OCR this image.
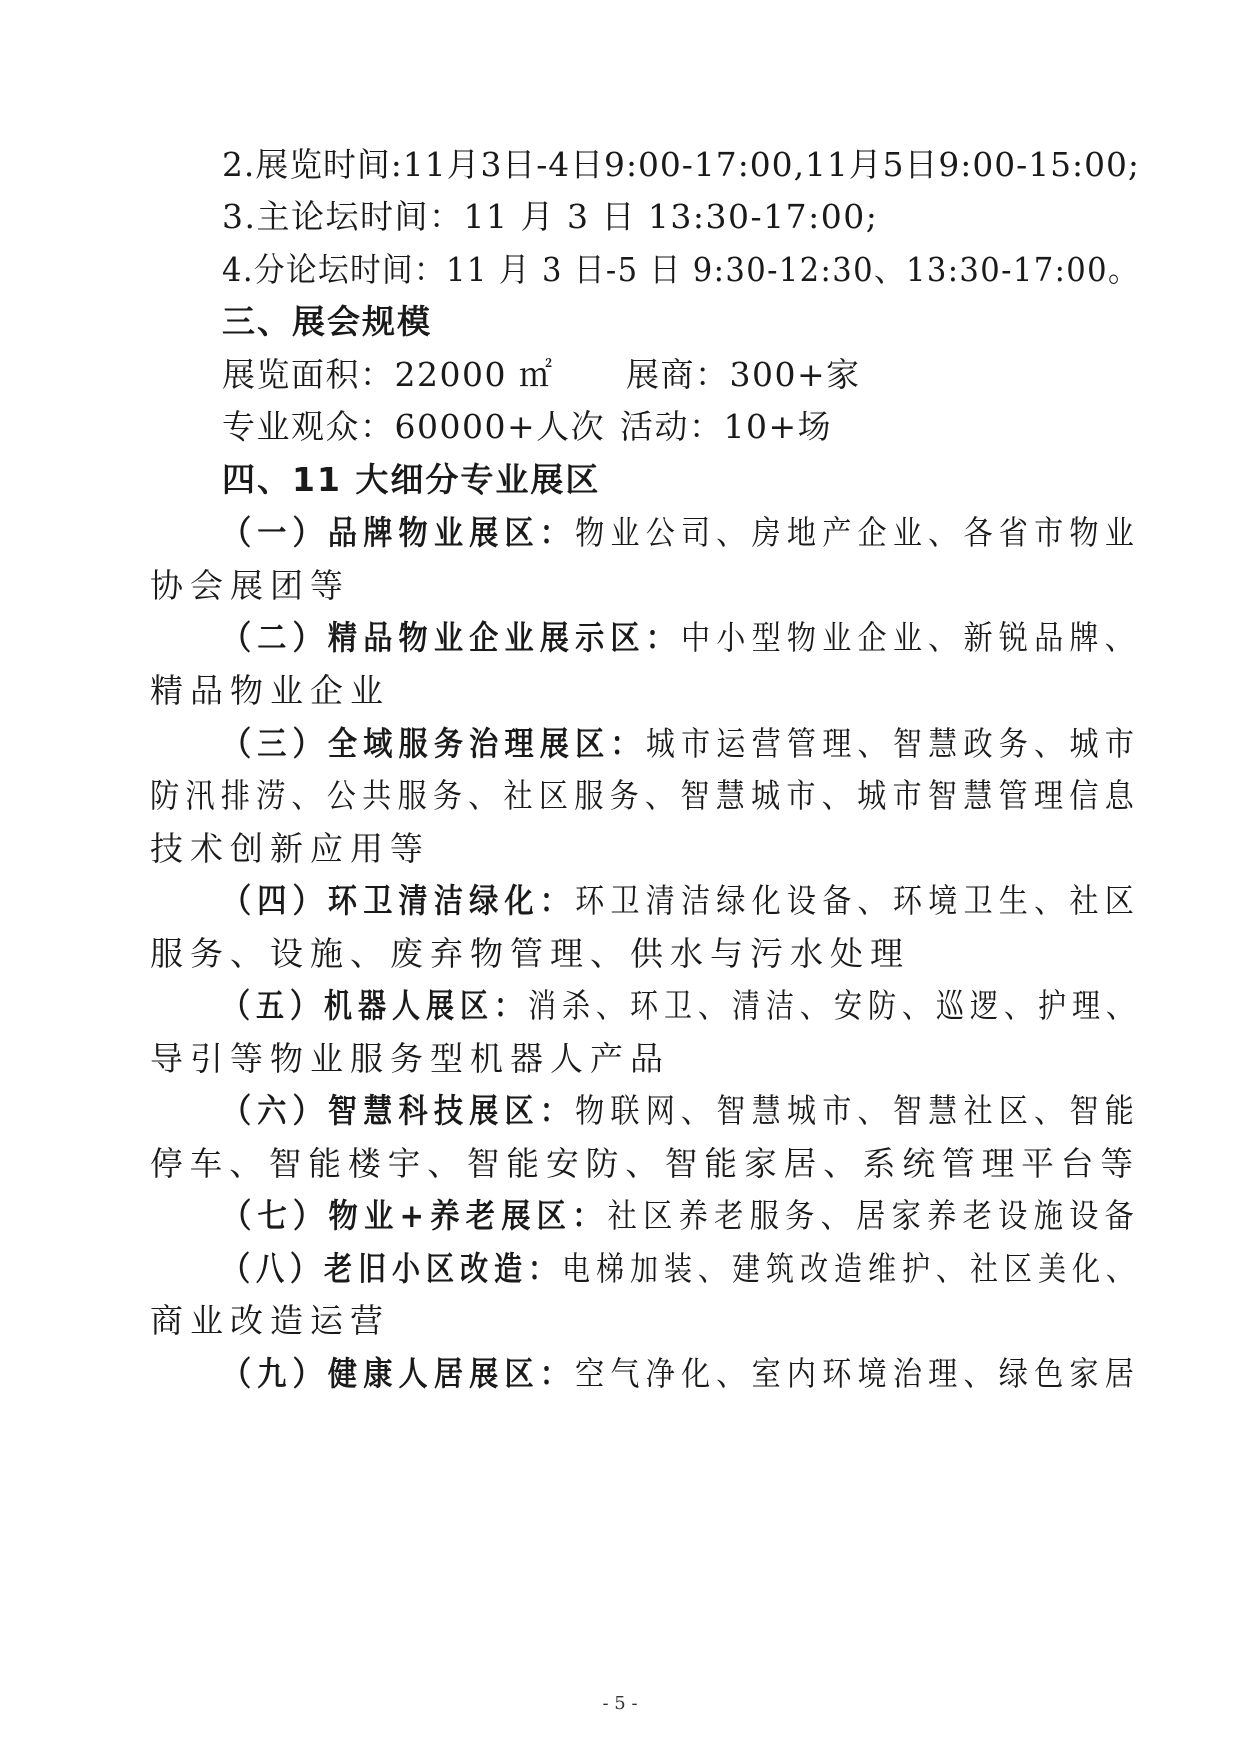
2.展览时间:11月3日-4日9:00-17:00,11月5日9:00-15:00;
3.主论坛时间：11 月 3 日 13:30-17:00;
4.分论坛时间：11 月 3 日-5 日 9:30-12:30、13:30-17:00。
三、展会规模
展览面积：22000 ㎡ 展商：300+家
专业观众：60000+人次 活动：10+场
四、11 大细分专业展区
（一）品牌物业展区：物业公司、房地产企业、各省市物业
协会展团等
（二）精品物业企业展示区：中小型物业企业、新锐品牌、
精品物业企业
（三）全域服务治理展区：城市运营管理、智慧政务、城市
防汛排涝、公共服务、社区服务、智慧城市、城市智慧管理信息
技术创新应用等
（四）环卫清洁绿化：环卫清洁绿化设备、环境卫生、社区
服务、设施、废弃物管理、供水与污水处理
（五）机器人展区：消杀、环卫、清洁、安防、巡逻、护理、
导引等物业服务型机器人产品
（六）智慧科技展区：物联网、智慧城市、智慧社区、智能
停车、智能楼宇、智能安防、智能家居、系统管理平台等
（七）物业+养老展区：社区养老服务、居家养老设施设备
（八）老旧小区改造：电梯加装、建筑改造维护、社区美化、
商业改造运营
（九）健康人居展区：空气净化、室内环境治理、绿色家居
- 5 -
